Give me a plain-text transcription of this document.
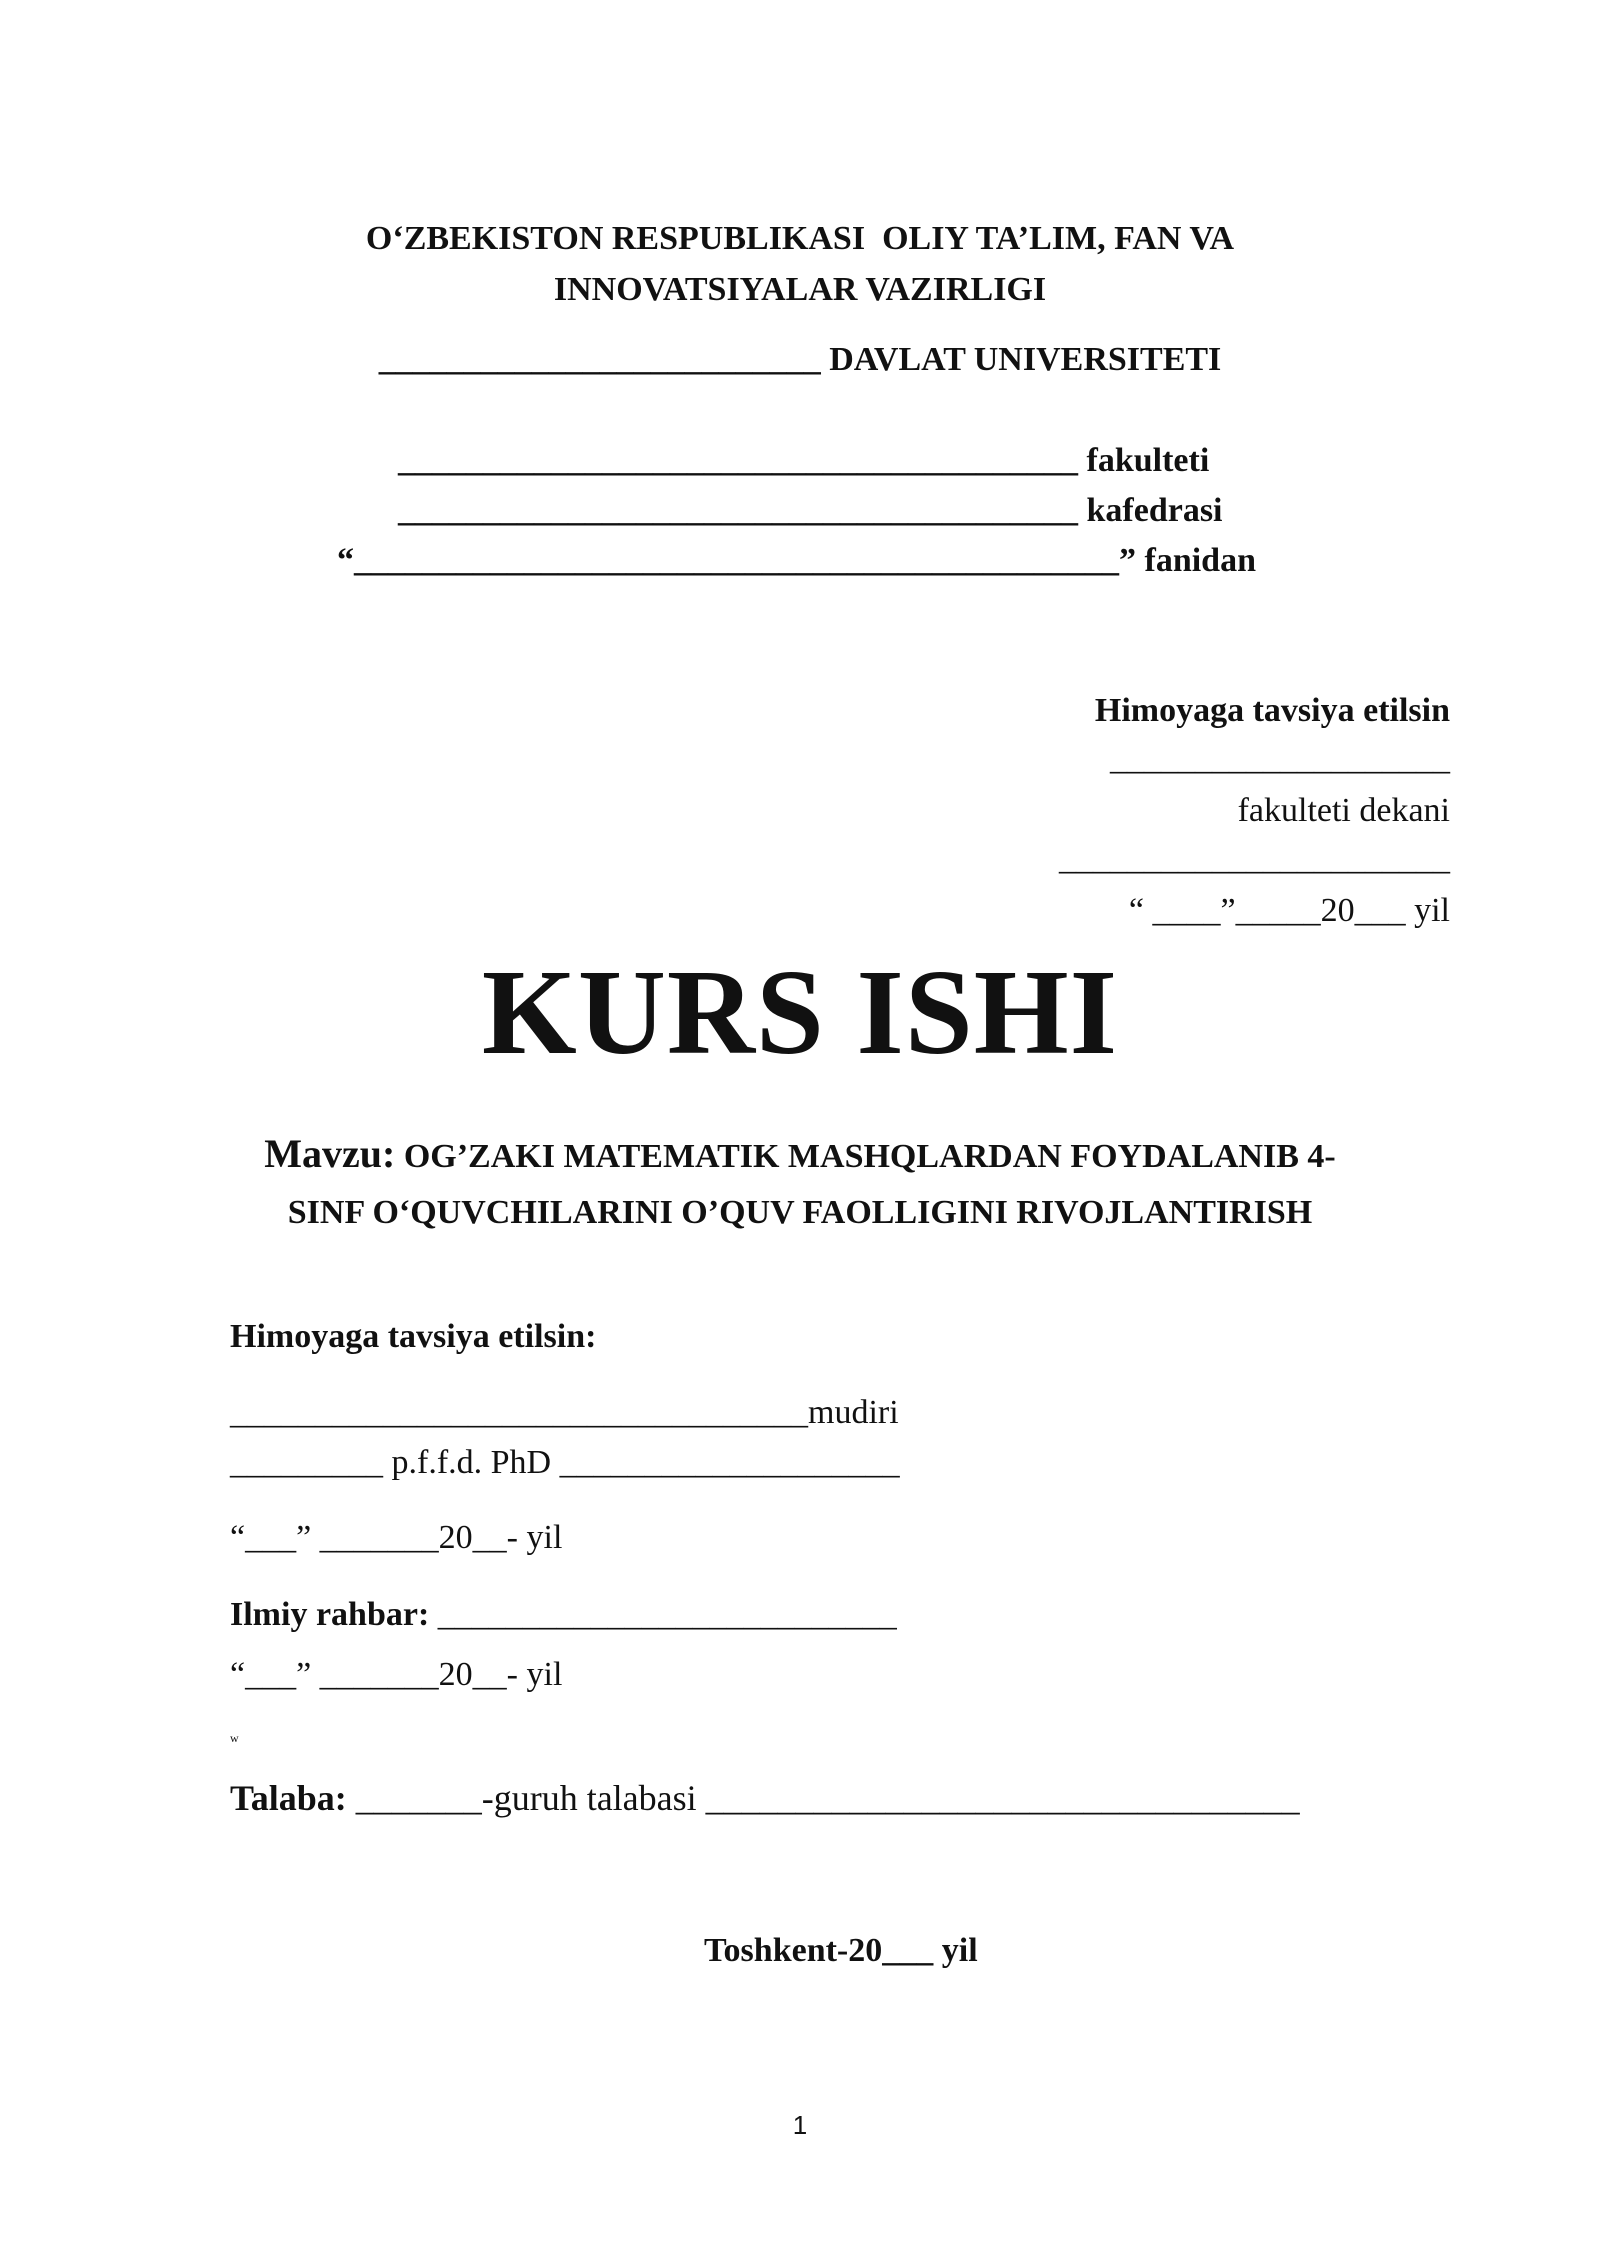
O‘ZBEKISTON RESPUBLIKASI  OLIY TA’LIM, FAN VA
INNOVATSIYALAR VAZIRLIGI
__________________________ DAVLAT UNIVERSITETI
________________________________________ fakulteti
________________________________________ kafedrasi
“_____________________________________________” fanidan
Himoyaga tavsiya etilsin
____________________
fakulteti dekani
_______________________
“ ____”_____20___ yil
KURS ISHI
Mavzu: OG’ZAKI MATEMATIK MASHQLARDAN FOYDALANIB 4-
SINF O‘QUVCHILARINI O’QUV FAOLLIGINI RIVOJLANTIRISH
Himoyaga tavsiya etilsin:
__________________________________mudiri
_________ p.f.f.d. PhD ____________________
“___” _______20__- yil
Ilmiy rahbar: ___________________________
“___” _______20__- yil
w
Talaba: _______-guruh talabasi _________________________________
Toshkent-20___ yil
1
